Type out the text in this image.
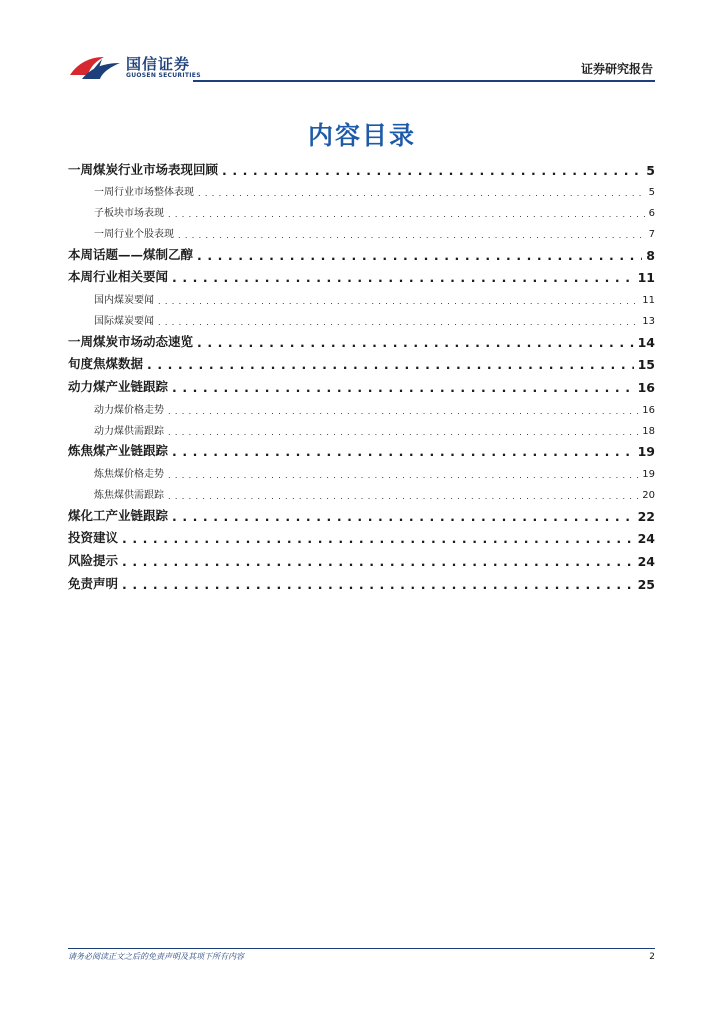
国信证券
GUOSEN SECURITIES	证券研究报告
内容目录
一周煤炭行业市场表现回顾 . . .	5
一周行业市场整体表现 . . .	5
子板块市场表现 . . .	6
一周行业个股表现 . . .	7
本周话题——煤制乙醇 . . .	8
本周行业相关要闻 . . .	11
国内煤炭要闻 . . .	11
国际煤炭要闻 . . .	13
一周煤炭市场动态速览 . . .	14
旬度焦煤数据 . . .	15
动力煤产业链跟踪 . . .	16
动力煤价格走势 . . .	16
动力煤供需跟踪 . . .	18
炼焦煤产业链跟踪 . . .	19
炼焦煤价格走势 . . .	19
炼焦煤供需跟踪 . . .	20
煤化工产业链跟踪 . . .	22
投资建议 . . .	24
风险提示 . . .	24
免责声明 . . .	25
请务必阅读正文之后的免责声明及其项下所有内容	2
